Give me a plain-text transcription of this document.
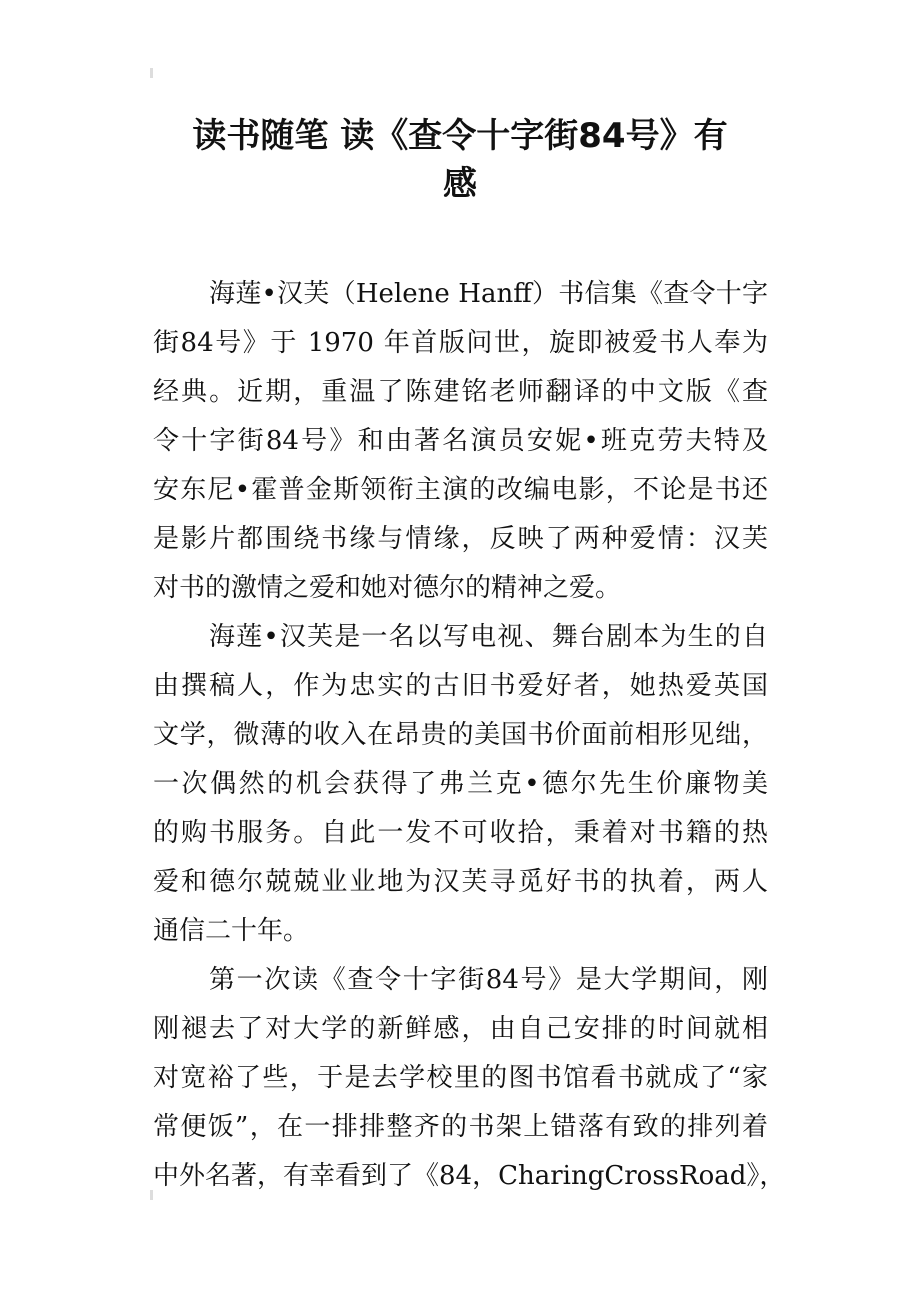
读书随笔 读《查令十字街84号》有
感
海莲•汉芙（Helene Hanff）书信集《查令十字
街84号》于 1970 年首版问世，旋即被爱书人奉为
经典。近期，重温了陈建铭老师翻译的中文版《查
令十字街84号》和由著名演员安妮•班克劳夫特及
安东尼•霍普金斯领衔主演的改编电影，不论是书还
是影片都围绕书缘与情缘，反映了两种爱情：汉芙
对书的激情之爱和她对德尔的精神之爱。
海莲•汉芙是一名以写电视、舞台剧本为生的自
由撰稿人，作为忠实的古旧书爱好者，她热爱英国
文学，微薄的收入在昂贵的美国书价面前相形见绌，
一次偶然的机会获得了弗兰克•德尔先生价廉物美
的购书服务。自此一发不可收拾，秉着对书籍的热
爱和德尔兢兢业业地为汉芙寻觅好书的执着，两人
通信二十年。
第一次读《查令十字街84号》是大学期间，刚
刚褪去了对大学的新鲜感，由自己安排的时间就相
对宽裕了些，于是去学校里的图书馆看书就成了“家
常便饭”，在一排排整齐的书架上错落有致的排列着
中外名著，有幸看到了《84，CharingCrossRoad》，
